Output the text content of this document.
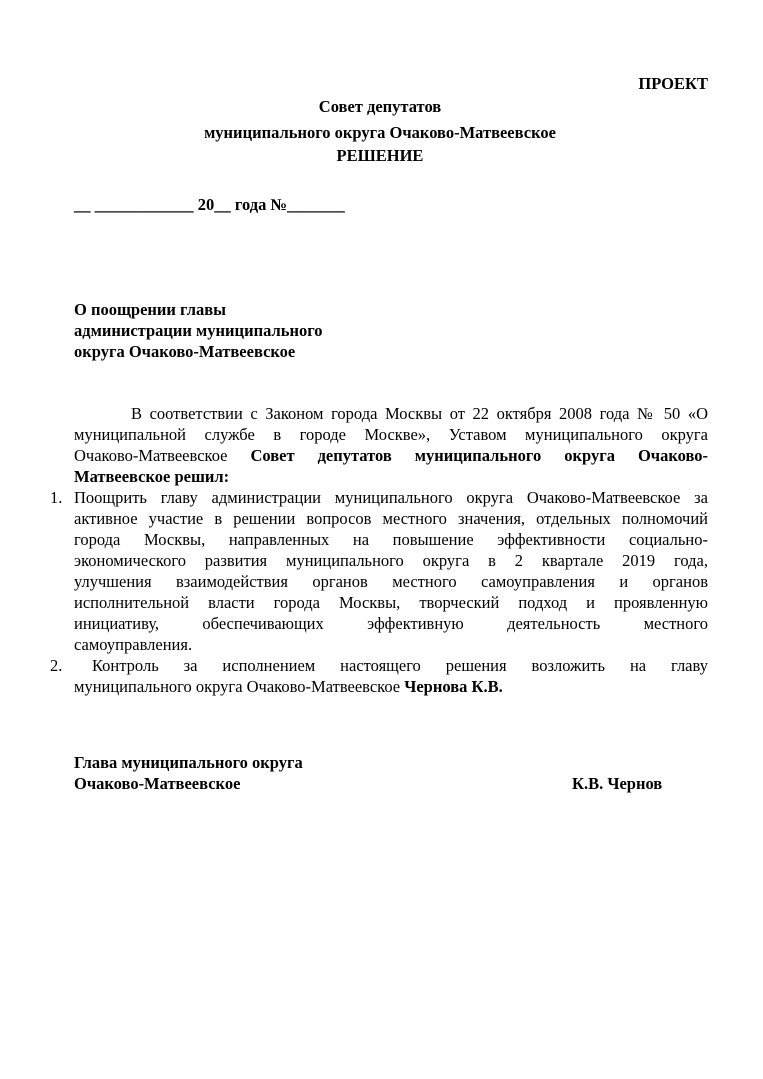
ПРОЕКТ
Совет депутатов
муниципального округа Очаково-Матвеевское
РЕШЕНИЕ
__ ____________ 20__ года №_______
О поощрении главы
администрации муниципального
округа Очаково-Матвеевское
В соответствии с Законом города Москвы от 22 октября 2008 года № 50 «О
муниципальной службе в городе Москве», Уставом муниципального округа
Очаково-Матвеевское Совет депутатов муниципального округа Очаково-
Матвеевское решил:
1. Поощрить главу администрации муниципального округа Очаково-Матвеевское за
активное участие в решении вопросов местного значения, отдельных полномочий
города Москвы, направленных на повышение эффективности социально-
экономического развития муниципального округа в 2 квартале 2019 года,
улучшения взаимодействия органов местного самоуправления и органов
исполнительной власти города Москвы, творческий подход и проявленную
инициативу, обеспечивающих эффективную деятельность местного
самоуправления.
2. Контроль за исполнением настоящего решения возложить на главу
муниципального округа Очаково-Матвеевское Чернова К.В.
Глава муниципального округа
Очаково-Матвеевское	К.В. Чернов
